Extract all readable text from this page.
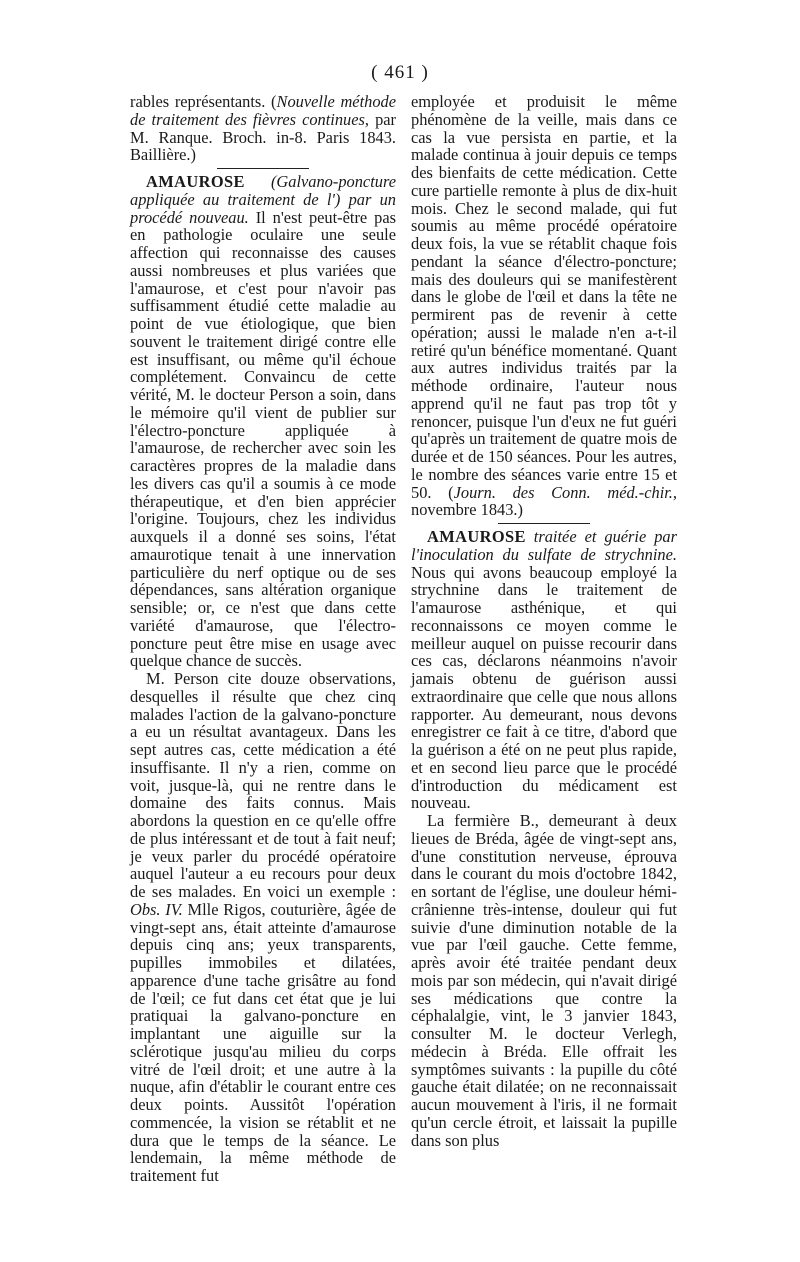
( 461 )

rables représentants. (Nouvelle méthode de traitement des fièvres continues, par M. Ranque. Broch. in-8. Paris 1843. Baillière.)

AMAUROSE (Galvano-poncture appliquée au traitement de l') par un procédé nouveau. Il n'est peut-être pas en pathologie oculaire une seule affection qui reconnaisse des causes aussi nombreuses et plus variées que l'amaurose, et c'est pour n'avoir pas suffisamment étudié cette maladie au point de vue étiologique, que bien souvent le traitement dirigé contre elle est insuffisant, ou même qu'il échoue complétement. Convaincu de cette vérité, M. le docteur Person a soin, dans le mémoire qu'il vient de publier sur l'électro-poncture appliquée à l'amaurose, de rechercher avec soin les caractères propres de la maladie dans les divers cas qu'il a soumis à ce mode thérapeutique, et d'en bien apprécier l'origine. Toujours, chez les individus auxquels il a donné ses soins, l'état amaurotique tenait à une innervation particulière du nerf optique ou de ses dépendances, sans altération organique sensible; or, ce n'est que dans cette variété d'amaurose, que l'électro-poncture peut être mise en usage avec quelque chance de succès.

M. Person cite douze observations, desquelles il résulte que chez cinq malades l'action de la galvano-poncture a eu un résultat avantageux. Dans les sept autres cas, cette médication a été insuffisante. Il n'y a rien, comme on voit, jusque-là, qui ne rentre dans le domaine des faits connus. Mais abordons la question en ce qu'elle offre de plus intéressant et de tout à fait neuf; je veux parler du procédé opératoire auquel l'auteur a eu recours pour deux de ses malades. En voici un exemple : Obs. IV. Mlle Rigos, couturière, âgée de vingt-sept ans, était atteinte d'amaurose depuis cinq ans; yeux transparents, pupilles immobiles et dilatées, apparence d'une tache grisâtre au fond de l'œil; ce fut dans cet état que je lui pratiquai la galvano-poncture en implantant une aiguille sur la sclérotique jusqu'au milieu du corps vitré de l'œil droit; et une autre à la nuque, afin d'établir le courant entre ces deux points. Aussitôt l'opération commencée, la vision se rétablit et ne dura que le temps de la séance. Le lendemain, la même méthode de traitement fut

employée et produisit le même phénomène de la veille, mais dans ce cas la vue persista en partie, et la malade continua à jouir depuis ce temps des bienfaits de cette médication. Cette cure partielle remonte à plus de dix-huit mois. Chez le second malade, qui fut soumis au même procédé opératoire deux fois, la vue se rétablit chaque fois pendant la séance d'électro-poncture; mais des douleurs qui se manifestèrent dans le globe de l'œil et dans la tête ne permirent pas de revenir à cette opération; aussi le malade n'en a-t-il retiré qu'un bénéfice momentané. Quant aux autres individus traités par la méthode ordinaire, l'auteur nous apprend qu'il ne faut pas trop tôt y renoncer, puisque l'un d'eux ne fut guéri qu'après un traitement de quatre mois de durée et de 150 séances. Pour les autres, le nombre des séances varie entre 15 et 50. (Journ. des Conn. méd.-chir., novembre 1843.)

AMAUROSE traitée et guérie par l'inoculation du sulfate de strychnine. Nous qui avons beaucoup employé la strychnine dans le traitement de l'amaurose asthénique, et qui reconnaissons ce moyen comme le meilleur auquel on puisse recourir dans ces cas, déclarons néanmoins n'avoir jamais obtenu de guérison aussi extraordinaire que celle que nous allons rapporter. Au demeurant, nous devons enregistrer ce fait à ce titre, d'abord que la guérison a été on ne peut plus rapide, et en second lieu parce que le procédé d'introduction du médicament est nouveau.

La fermière B., demeurant à deux lieues de Bréda, âgée de vingt-sept ans, d'une constitution nerveuse, éprouva dans le courant du mois d'octobre 1842, en sortant de l'église, une douleur hémi-crânienne très-intense, douleur qui fut suivie d'une diminution notable de la vue par l'œil gauche. Cette femme, après avoir été traitée pendant deux mois par son médecin, qui n'avait dirigé ses médications que contre la céphalalgie, vint, le 3 janvier 1843, consulter M. le docteur Verlegh, médecin à Bréda. Elle offrait les symptômes suivants : la pupille du côté gauche était dilatée; on ne reconnaissait aucun mouvement à l'iris, il ne formait qu'un cercle étroit, et laissait la pupille dans son plus
